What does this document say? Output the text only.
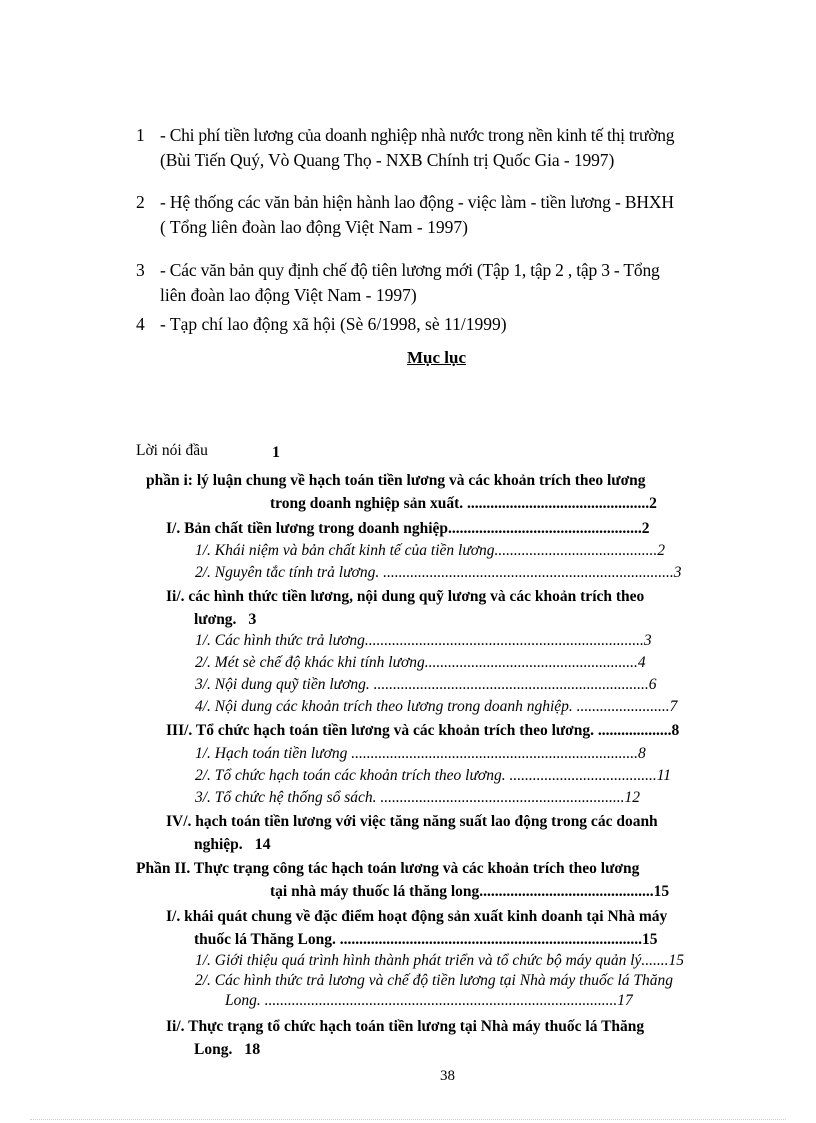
1 - Chi phí tiền lương của doanh nghiệp nhà nước trong nền kinh tế thị trường
(Bùi Tiến Quý, Vò Quang Thọ - NXB Chính trị Quốc Gia - 1997)
2 - Hệ thống các văn bản hiện hành lao động - việc làm - tiền lương - BHXH
( Tổng liên đoàn lao động Việt Nam - 1997)
3 - Các văn bản quy định chế độ tiên lương mới (Tập 1, tập 2 , tập 3 - Tổng
liên đoàn lao động Việt Nam - 1997)
4 - Tạp chí lao động xã hội (Sè 6/1998, sè 11/1999)
Mục lục
Lời nói đầu	1
phần i: lý luận chung về hạch toán tiền lương và các khoản trích theo lương
trong doanh nghiệp sản xuất. ...............................................2
I/. Bản chất tiền lương trong doanh nghiệp..................................................2
1/. Khái niệm và bản chất kinh tế của tiền lương..........................................2
2/. Nguyên tắc tính trả lương. ...........................................................................3
Ii/. các hình thức tiền lương, nội dung quỹ lương và các khoản trích theo
lương. 3
1/. Các hình thức trả lương........................................................................3
2/. Mét sè chế độ khác khi tính lương.......................................................4
3/. Nội dung quỹ tiền lương. .......................................................................6
4/. Nội dung các khoản trích theo lương trong doanh nghiệp. ........................7
III/. Tổ chức hạch toán tiền lương và các khoản trích theo lương. ...................8
1/. Hạch toán tiền lương ..........................................................................8
2/. Tổ chức hạch toán các khoản trích theo lương. ......................................11
3/. Tổ chức hệ thống sổ sách. ...............................................................12
IV/. hạch toán tiền lương với việc tăng năng suất lao động trong các doanh
nghiệp. 14
Phần II. Thực trạng công tác hạch toán lương và các khoản trích theo lương
tại nhà máy thuốc lá thăng long.............................................15
I/. khái quát chung về đặc điểm hoạt động sản xuất kinh doanh tại Nhà máy
thuốc lá Thăng Long. ..............................................................................15
1/. Giới thiệu quá trình hình thành phát triển và tổ chức bộ máy quản lý.......15
2/. Các hình thức trả lương và chế độ tiền lương tại Nhà máy thuốc lá Thăng
Long. ...........................................................................................17
Ii/. Thực trạng tổ chức hạch toán tiền lương tại Nhà máy thuốc lá Thăng
Long. 18
38
